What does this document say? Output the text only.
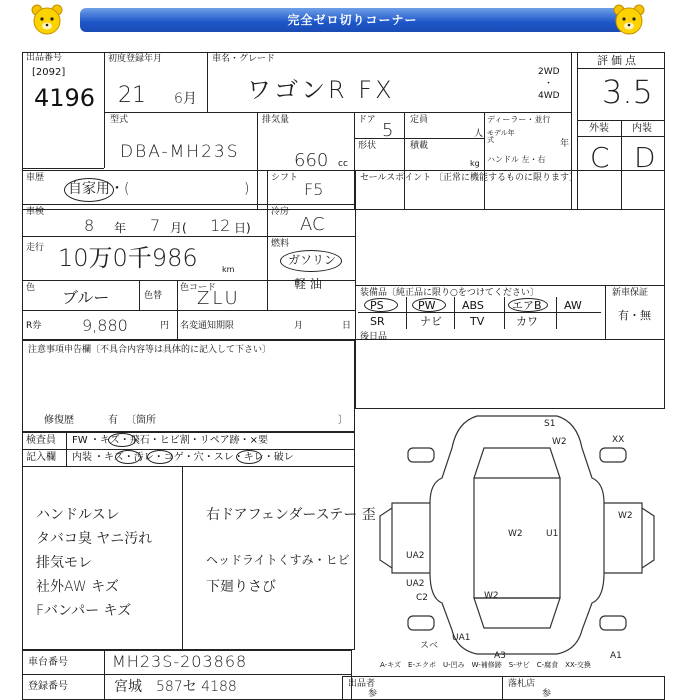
完全ゼロ切りコーナー
出品番号
[2092]
4196
初度登録年月
21 6月
車名・グレード
ワゴンR FX
型式
DBA-MH23S
排気量
660 cc
ドア 5
形状
定員
人
積載
kg
ディーラー・並行
モデル年式	年
ハンドル 左・右
2WD
・
4WD
評価点
3.5
外装 内装
C D
車歴
自家用・(	)
シフト
F5
車検
8 年 7 月( 12 日)
冷房
AC
走行 10万0千986	km
燃料
ガソリン
軽 油
色 ブルー	色替
色コード
ZLU
R券	9,880	円 名変通知期限	月	日
セールスポイント 〔正常に機能するものに限ります〕
装備品〔純正品に限り○をつけてください〕	新車保証
有・無
PS	PW ABS	エアB AW
SR	ナビ	TV	カワ
後日品
注意事項申告欄〔不具合内容等は具体的に記入して下さい〕
修復歴	有 〔箇所	〕
検査員
記入欄
FW ・キズ・飛石・ヒビ割・リペア跡・×要
内装 ・キズ・汚レ・コゲ・穴・スレ・キレ・破レ
ハンドルスレ
タバコ臭 ヤニ汚れ
排気モレ
社外AW キズ
Fバンパー キズ
右ドアフェンダーステー 歪
ヘッドライトくすみ・ヒビ
下廻りさび
S1
W2	XX
W2
U1
W2
UA2
UA2
C2	W2
UA1
スベ
A3	A1
A-キズ　E-エクボ　U-凹み　W-補修跡　S-サビ　C-腐食　XX-交換
車台番号	MH23S-203868
登録番号	宮城　587セ 4188	出品者
参
落札店
参
